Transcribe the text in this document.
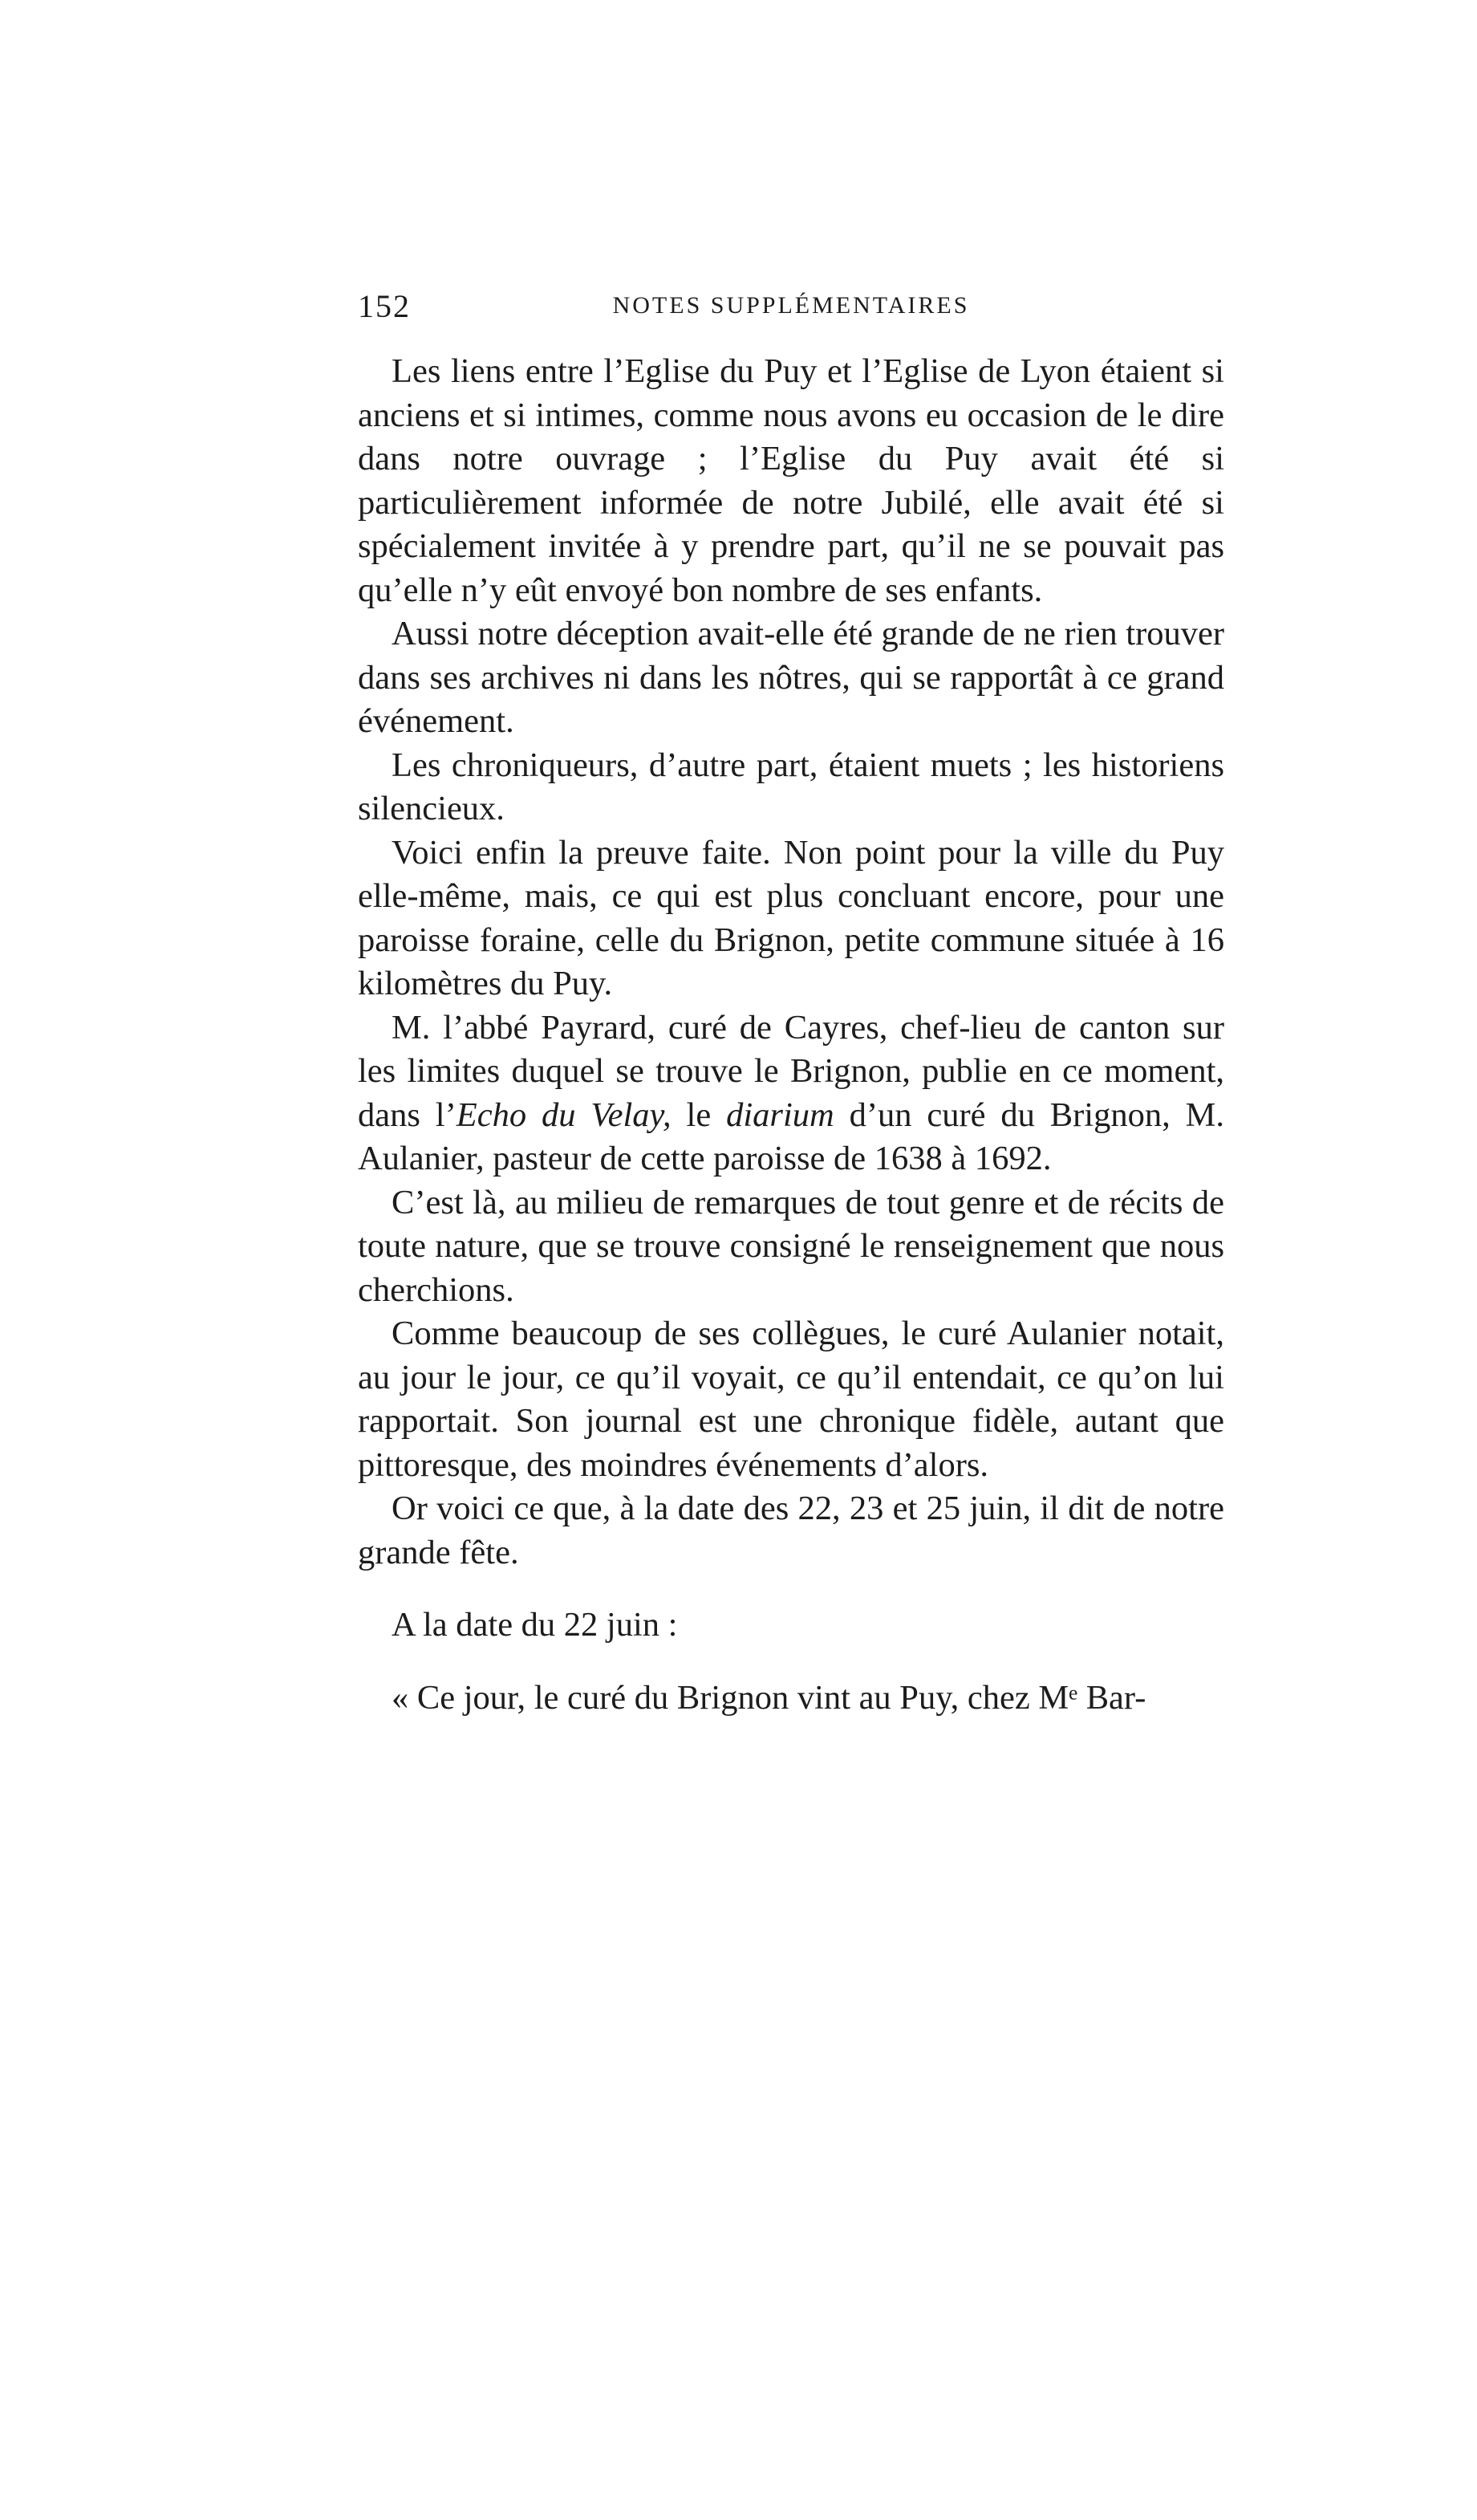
152	NOTES SUPPLÉMENTAIRES

Les liens entre l’Eglise du Puy et l’Eglise de Lyon étaient si anciens et si intimes, comme nous avons eu occasion de le dire dans notre ouvrage ; l’Eglise du Puy avait été si particulièrement informée de notre Jubilé, elle avait été si spécialement invitée à y prendre part, qu’il ne se pouvait pas qu’elle n’y eût envoyé bon nombre de ses enfants.

Aussi notre déception avait-elle été grande de ne rien trouver dans ses archives ni dans les nôtres, qui se rapportât à ce grand événement.

Les chroniqueurs, d’autre part, étaient muets ; les historiens silencieux.

Voici enfin la preuve faite. Non point pour la ville du Puy elle-même, mais, ce qui est plus concluant encore, pour une paroisse foraine, celle du Brignon, petite commune située à 16 kilomètres du Puy.

M. l’abbé Payrard, curé de Cayres, chef-lieu de canton sur les limites duquel se trouve le Brignon, publie en ce moment, dans l’Echo du Velay, le diarium d’un curé du Brignon, M. Aulanier, pasteur de cette paroisse de 1638 à 1692.

C’est là, au milieu de remarques de tout genre et de récits de toute nature, que se trouve consigné le renseignement que nous cherchions.

Comme beaucoup de ses collègues, le curé Aulanier notait, au jour le jour, ce qu’il voyait, ce qu’il entendait, ce qu’on lui rapportait. Son journal est une chronique fidèle, autant que pittoresque, des moindres événements d’alors.

Or voici ce que, à la date des 22, 23 et 25 juin, il dit de notre grande fête.

A la date du 22 juin :

« Ce jour, le curé du Brignon vint au Puy, chez Mᵉ Bar-
